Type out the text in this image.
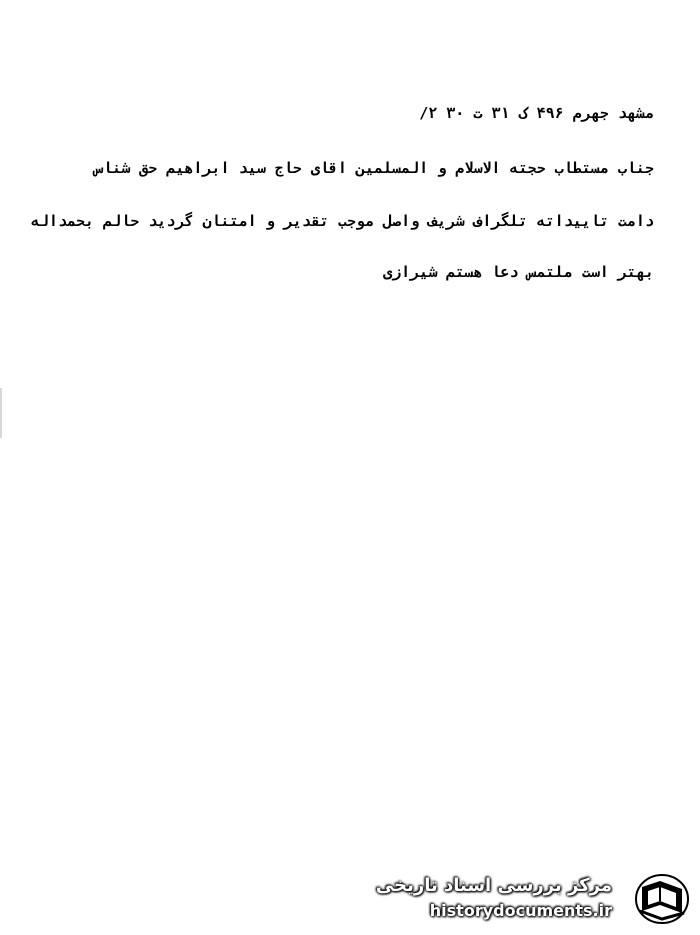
مشهد جهرم ۴۹۶ ک ۳۱ ت ۳۰ ۲/
جناب مستطاب حجته الاسلام و المسلمین اقای حاج سید ابراهیم حق شناس
دامت تاییداته تلگراف شریف واصل موجب تقدیر و امتنان گردید حالم بحمداله
بهتر است ملتمس دعا هستم شیرازی
مرکز بررسی اسناد تاریخی
historydocuments.ir
